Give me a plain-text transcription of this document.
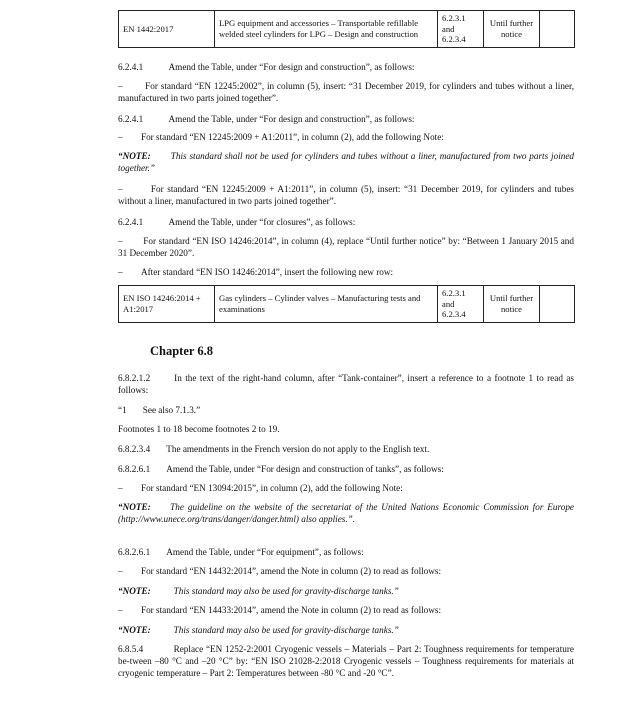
EN 1442:2017	LPG equipment and accessories – Transportable refillable welded steel cylinders for LPG – Design and construction	6.2.3.1 and 6.2.3.4	Until further notice	

6.2.4.1           Amend the Table, under “For design and construction”, as follows:

–        For standard “EN 12245:2002”, in column (5), insert: “31 December 2019, for cylinders and tubes without a liner, manufactured in two parts joined together”.

6.2.4.1           Amend the Table, under “For design and construction”, as follows:

–        For standard “EN 12245:2009 + A1:2011”, in column (2), add the following Note:

“NOTE: This standard shall not be used for cylinders and tubes without a liner, manufactured from two parts joined together.”

–        For standard “EN 12245:2009 + A1:2011”, in column (5), insert: “31 December 2019, for cylinders and tubes without a liner, manufactured in two parts joined together”.

6.2.4.1           Amend the Table, under “for closures”, as follows:

–        For standard “EN ISO 14246:2014”, in column (4), replace “Until further notice” by: “Between 1 January 2015 and 31 December 2020”.

–        After standard “EN ISO 14246:2014”, insert the following new row:

EN ISO 14246:2014 + A1:2017	Gas cylinders – Cylinder valves – Manufacturing tests and examinations	6.2.3.1 and 6.2.3.4	Until further notice	
Chapter 6.8

6.8.2.1.2       In the text of the right-hand column, after “Tank-container”, insert a reference to a footnote 1 to read as follows:

“1 See also 7.1.3.”

Footnotes 1 to 18 become footnotes 2 to 19.

6.8.2.3.4       The amendments in the French version do not apply to the English text.

6.8.2.6.1       Amend the Table, under “For design and construction of tanks”, as follows:

–        For standard “EN 13094:2015”, in column (2), add the following Note:

“NOTE: The guideline on the website of the secretariat of the United Nations Economic Commission for Europe (http://www.unece.org/trans/danger/danger.html) also applies.”.

6.8.2.6.1       Amend the Table, under “For equipment”, as follows:

–        For standard “EN 14432:2014”, amend the Note in column (2) to read as follows:

“NOTE: This standard may also be used for gravity-discharge tanks.”

–        For standard “EN 14433:2014”, amend the Note in column (2) to read as follows:

“NOTE: This standard may also be used for gravity-discharge tanks.”

6.8.5.4           Replace “EN 1252-2:2001 Cryogenic vessels – Materials – Part 2: Toughness requirements for temperature be-tween –80 °C and –20 °C” by: “EN ISO 21028-2:2018 Cryogenic vessels – Toughness requirements for materials at cryogenic temperature – Part 2: Temperatures between -80 °C and -20 °C”.
